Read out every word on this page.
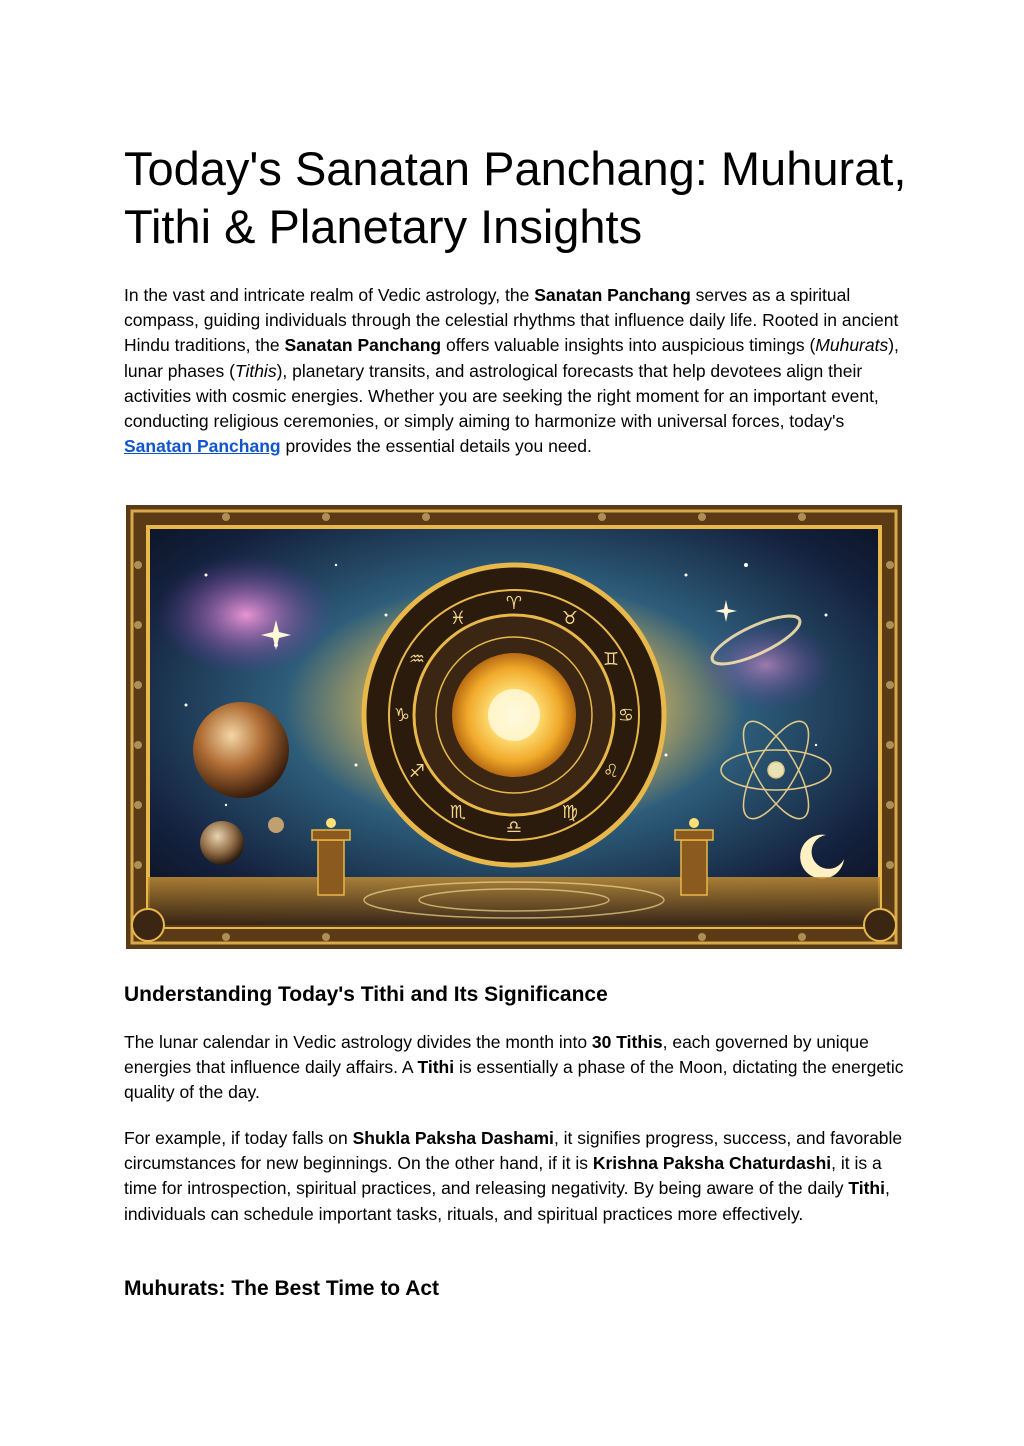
Today's Sanatan Panchang: Muhurat, Tithi & Planetary Insights

In the vast and intricate realm of Vedic astrology, the Sanatan Panchang serves as a spiritual compass, guiding individuals through the celestial rhythms that influence daily life. Rooted in ancient Hindu traditions, the Sanatan Panchang offers valuable insights into auspicious timings (Muhurats), lunar phases (Tithis), planetary transits, and astrological forecasts that help devotees align their activities with cosmic energies. Whether you are seeking the right moment for an important event, conducting religious ceremonies, or simply aiming to harmonize with universal forces, today's Sanatan Panchang provides the essential details you need.

♈
♉
♊
♋
♌
♍
♎
♏
♐
♑
♒
♓
Understanding Today's Tithi and Its Significance

The lunar calendar in Vedic astrology divides the month into 30 Tithis, each governed by unique energies that influence daily affairs. A Tithi is essentially a phase of the Moon, dictating the energetic quality of the day.

For example, if today falls on Shukla Paksha Dashami, it signifies progress, success, and favorable circumstances for new beginnings. On the other hand, if it is Krishna Paksha Chaturdashi, it is a time for introspection, spiritual practices, and releasing negativity. By being aware of the daily Tithi, individuals can schedule important tasks, rituals, and spiritual practices more effectively.

Muhurats: The Best Time to Act
